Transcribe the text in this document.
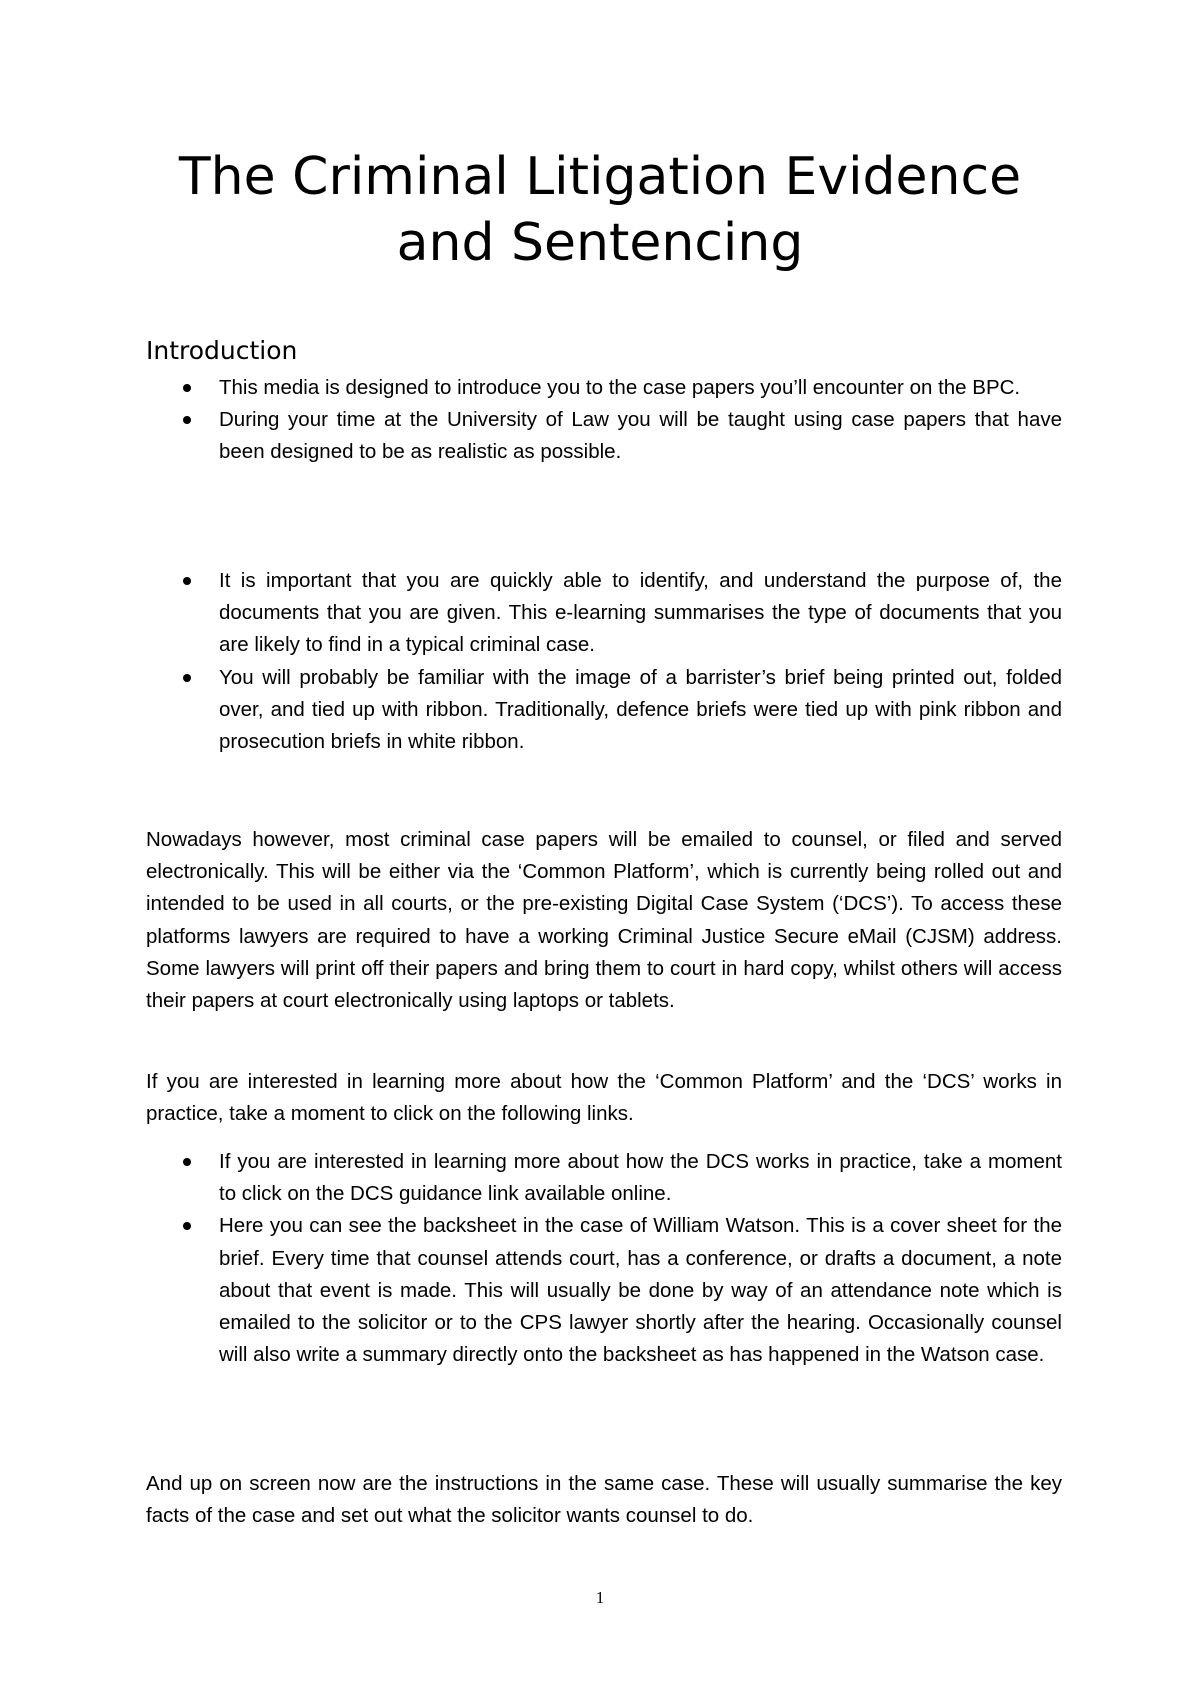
The Criminal Litigation Evidence
and Sentencing
Introduction
This media is designed to introduce you to the case papers you’ll encounter on the BPC.
During your time at the University of Law you will be taught using case papers that have been designed to be as realistic as possible.
It is important that you are quickly able to identify, and understand the purpose of, the documents that you are given. This e-learning summarises the type of documents that you are likely to find in a typical criminal case.
You will probably be familiar with the image of a barrister’s brief being printed out, folded over, and tied up with ribbon. Traditionally, defence briefs were tied up with pink ribbon and prosecution briefs in white ribbon.

Nowadays however, most criminal case papers will be emailed to counsel, or filed and served electronically. This will be either via the ‘Common Platform’, which is currently being rolled out and intended to be used in all courts, or the pre-existing Digital Case System (‘DCS’). To access these platforms lawyers are required to have a working Criminal Justice Secure eMail (CJSM) address. Some lawyers will print off their papers and bring them to court in hard copy, whilst others will access their papers at court electronically using laptops or tablets.

If you are interested in learning more about how the ‘Common Platform’ and the ‘DCS’ works in practice, take a moment to click on the following links.

If you are interested in learning more about how the DCS works in practice, take a moment to click on the DCS guidance link available online.
Here you can see the backsheet in the case of William Watson. This is a cover sheet for the brief. Every time that counsel attends court, has a conference, or drafts a document, a note about that event is made. This will usually be done by way of an attendance note which is emailed to the solicitor or to the CPS lawyer shortly after the hearing. Occasionally counsel will also write a summary directly onto the backsheet as has happened in the Watson case.

And up on screen now are the instructions in the same case. These will usually summarise the key facts of the case and set out what the solicitor wants counsel to do.

1
